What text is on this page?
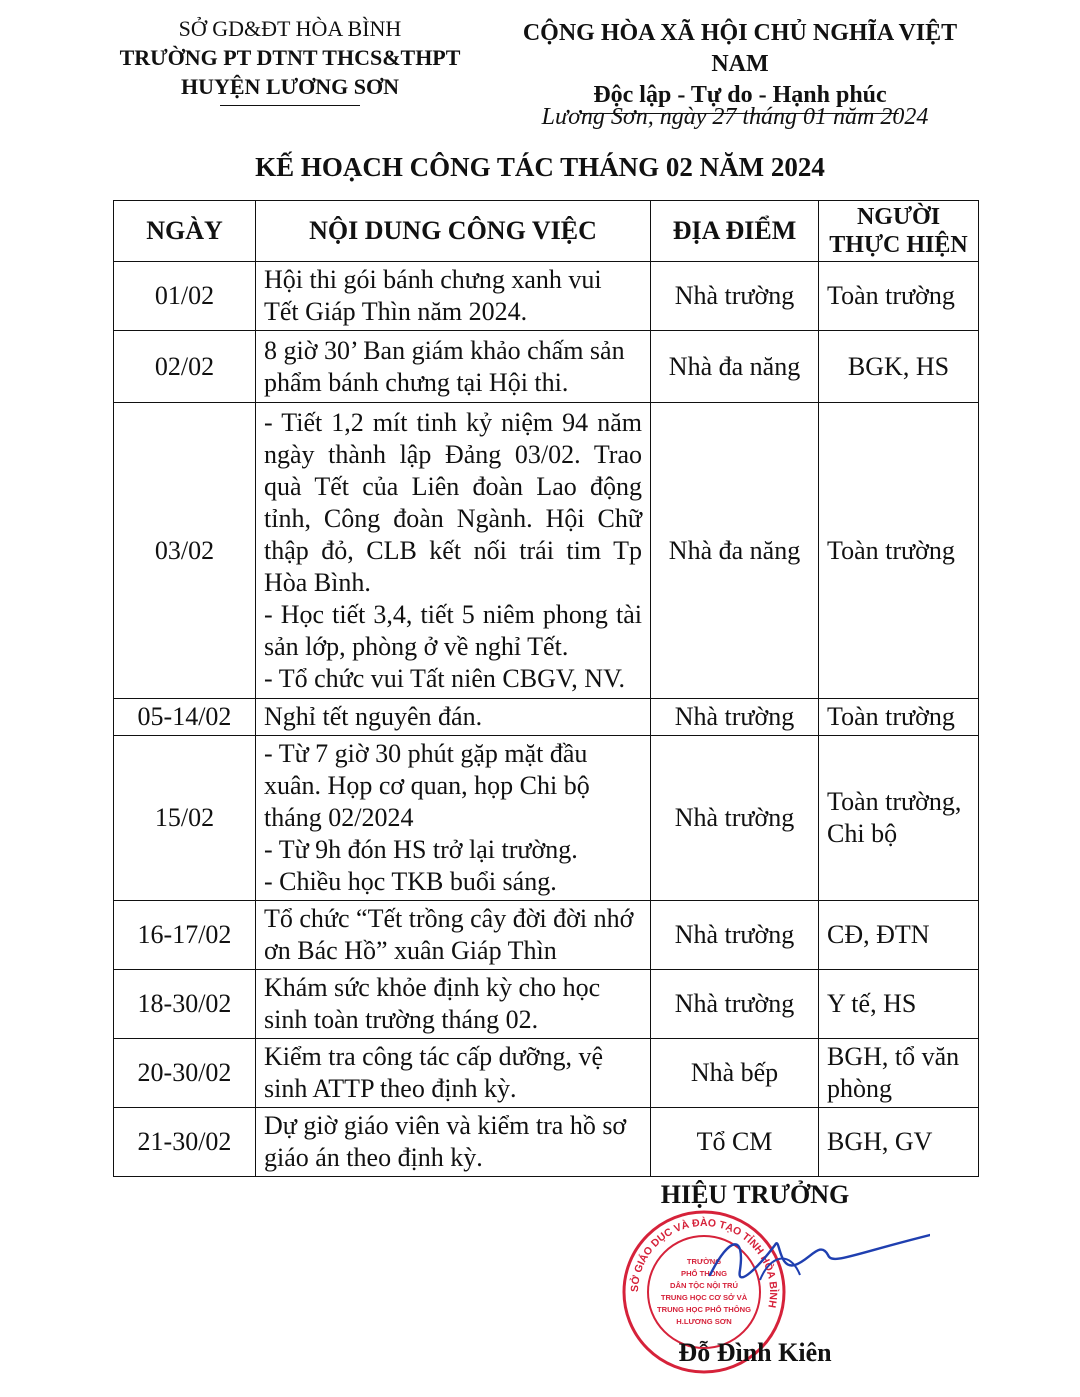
SỞ GD&ĐT HÒA BÌNH
TRƯỜNG PT DTNT THCS&THPT
HUYỆN LƯƠNG SƠN
CỘNG HÒA XÃ HỘI CHỦ NGHĨA VIỆT NAM
Độc lập - Tự do - Hạnh phúc
Lương Sơn, ngày 27 tháng 01 năm 2024
KẾ HOẠCH CÔNG TÁC THÁNG 02 NĂM 2024
NGÀY	NỘI DUNG CÔNG VIỆC	ĐỊA ĐIỂM	NGƯỜI
THỰC HIỆN

01/02	Hội thi gói bánh chưng xanh vui Tết Giáp Thìn năm 2024.	Nhà trường	Toàn trường

02/02	8 giờ 30’ Ban giám khảo chấm sản phẩm bánh chưng tại Hội thi.	Nhà đa năng	BGK, HS

03/02	- Tiết 1,2 mít tinh kỷ niệm 94 năm ngày thành lập Đảng 03/02. Trao quà Tết của Liên đoàn Lao động tỉnh, Công đoàn Ngành. Hội Chữ thập đỏ, CLB kết nối trái tim Tp Hòa Bình.
- Học tiết 3,4, tiết 5 niêm phong tài sản lớp, phòng ở về nghỉ Tết.
- Tổ chức vui Tất niên CBGV, NV.	Nhà đa năng	Toàn trường

05-14/02	Nghỉ tết nguyên đán.	Nhà trường	Toàn trường

15/02	- Từ 7 giờ 30 phút gặp mặt đầu xuân. Họp cơ quan, họp Chi bộ tháng 02/2024
- Từ 9h đón HS trở lại trường.
- Chiều học TKB buổi sáng.	Nhà trường	Toàn trường,
Chi bộ

16-17/02	Tổ chức “Tết trồng cây đời đời nhớ ơn Bác Hồ” xuân Giáp Thìn	Nhà trường	CĐ, ĐTN

18-30/02	Khám sức khỏe định kỳ cho học sinh toàn trường tháng 02.	Nhà trường	Y tế, HS

20-30/02	Kiểm tra công tác cấp dưỡng, vệ sinh ATTP theo định kỳ.	Nhà bếp	BGH, tổ văn phòng

21-30/02	Dự giờ giáo viên và kiểm tra hồ sơ giáo án theo định kỳ.	Tổ CM	BGH, GV
HIỆU TRƯỞNG
SỞ GIÁO DỤC VÀ ĐÀO TẠO TỈNH HÒA BÌNH
TRƯỜNG
PHỔ THÔNG
DÂN TỘC NỘI TRÚ
TRUNG HỌC CƠ SỞ VÀ
TRUNG HỌC PHỔ THÔNG
H.LƯƠNG SƠN
Đỗ Đình Kiên
